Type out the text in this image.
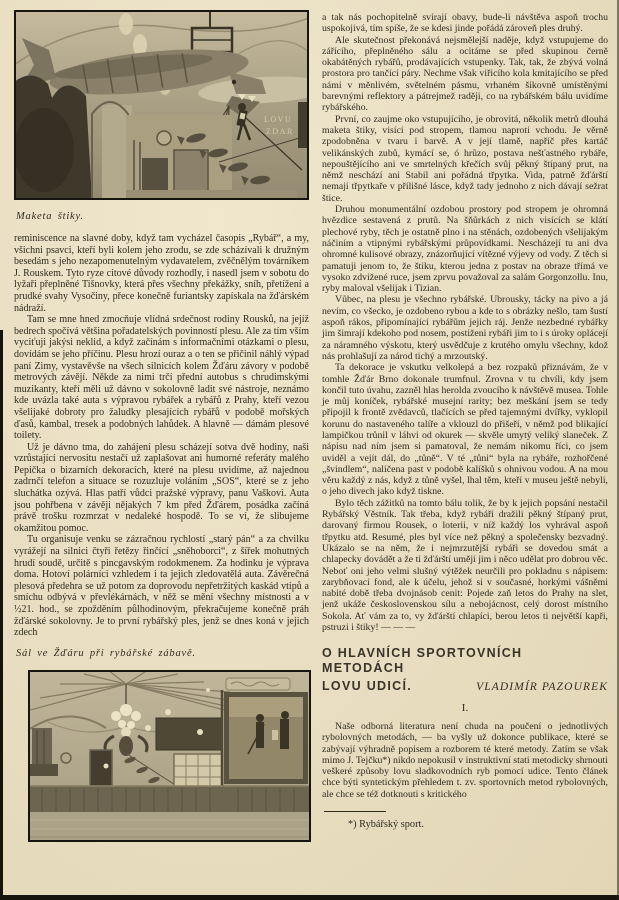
LOVU
ZDAR
Maketa štiky.

reminiscence na slavné doby, když tam vycházel časopis „Rybář“, a my, všichni psavci, kteří byli kolem jeho zrodu, se zde scházívali k družným besedám s jeho nezapomenutelným vydavatelem, zvěčnělým továrníkem J. Rouskem. Tyto ryze citové důvody rozhodly, i nasedl jsem v sobotu do lyžaři přeplněné Tišnovky, která přes všechny překážky, sníh, přetížení a prudké svahy Vysočiny, přece konečně furiantsky zapískala na žďárském nádraží.

Tam se mne hned zmocňuje vlídná srdečnost rodiny Rousků, na jejíž bedrech spočívá většina pořadatelských povinností plesu. Ale za tím vším vyciťuji jakýsi neklid, a když začínám s informačními otázkami o plesu, dovídám se jeho příčinu. Plesu hrozí ouraz a o ten se přičinil náhlý výpad paní Zimy, vystavěvše na všech silnicích kolem Žďáru závory v podobě metrových závějí. Někde za nimi trčí přední autobus s chrudimskými muzikanty, kteří měli už dávno v sokolovně ladit své nástroje, neznámo kde uvázla také auta s výpravou rybářek a rybářů z Prahy, kteří vezou všelijaké dobroty pro žaludky plesajících rybářů v podobě mořských ďasů, kambal, tresek a podobných lahůdek. A hlavně — dámám plesové toilety.

Už je dávno tma, do zahájení plesu scházejí sotva dvě hodiny, naši vzrůstající nervositu nestačí už zaplašovat ani humorné referáty malého Pepička o bizarních dekoracích, které na plesu uvidíme, až najednou zadrnčí telefon a situace se rozuzluje voláním „SOS“, které se z jeho sluchátka ozývá. Hlas patří vůdci pražské výpravy, panu Vaškovi. Auta jsou pohřbena v závěji nějakých 7 km před Žďárem, posádka začíná právě trošku rozmrzat v nedaleké hospodě. To se ví, že slibujeme okamžitou pomoc.

Tu organisuje venku se zázračnou rychlostí „starý pán“ a za chvilku vyrážejí na silnici čtyři řetězy řinčící „sněhoborci“, z šířek mohutných hrudí soudě, určitě s pincgavským rodokmenem. Za hodinku je výprava doma. Hotoví polárníci vzhledem i ta jejich zledovatělá auta. Závěrečná plesová předehra se už potom za doprovodu nepřetržitých kaskád vtipů a smíchu odbývá v převlékárnách, v něž se mění všechny místnosti a v ½21. hod., se zpožděním půlhodinovým, překračujeme konečně práh žďárské sokolovny. Je to první rybářský ples, jenž se dnes koná v jejich zdech

Sál ve Žďáru při rybářské zábavě.

a tak nás pochopitelně svírají obavy, bude-li návštěva aspoň trochu uspokojivá, tím spíše, že se kdesi jinde pořádá zároveň ples druhý.

Ale skutečnost překonává nejsmělejší naděje, když vstupujeme do zářícího, přeplněného sálu a ocitáme se před skupinou černě okabátěných rybářů, prodávajících vstupenky. Tak, tak, že zbývá volná prostora pro tančící páry. Nechme však viřicího kola kmitajícího se před námi v měnlivém, světelném pásmu, vrhaném šikovně umístěnými barevnými reflektory a pátrejmež raději, co na rybářském bálu uvidíme rybářského.

První, co zaujme oko vstupujícího, je obrovitá, několik metrů dlouhá maketa štiky, visící pod stropem, tlamou naproti vchodu. Je věrně zpodobněna v tvaru i barvě. A v její tlamě, napříč přes kartáč velikánských zubů, kymácí se, ó hrůzo, postava nešťastného rybáře, nepouštějícího ani ve smrtelných křečích svůj pěkný štípaný prut, na němž neschází ani Stabil ani pořádná třpytka. Vida, patrně žďárští nemají třpytkaře v přílišné lásce, když tady jednoho z nich dávají sežrat štice.

Druhou monumentální ozdobou prostory pod stropem je ohromná hvězdice sestavená z prutů. Na šňůrkách z nich visících se klátí plechové ryby, těch je ostatně plno i na stěnách, ozdobených všelijakým náčiním a vtipnými rybářskými průpovídkami. Nescházejí tu ani dva ohromné kulisové obrazy, znázorňující vítězné výjevy od vody. Z těch si pamatuji jenom to, že štiku, kterou jedna z postav na obraze třímá ve vysoko zdvižené ruce, jsem zprvu považoval za salám Gorgonzollu. Inu, ryby maloval všelijak i Tizian.

Vůbec, na plesu je všechno rybářské. Ubrousky, tácky na pivo a já nevím, co všecko, je ozdobeno rybou a kde to s obrázky nešlo, tam šustí aspoň rákos, připomínající rybářům jejich ráj. Jenže nezbedné rybářky jim šimrají kdekoho pod nosem, postiženi rybáři jim to i s úroky oplácejí za náramného výskotu, který usvědčuje z krutého omylu všechny, kdož nás prohlašují za národ tichý a mrzoutský.

Ta dekorace je vskutku velkolepá a bez rozpaků přiznávám, že v tomhle Žďár Brno dokonale trumfnul. Zrovna v tu chvíli, kdy jsem končil tuto úvahu, zazněl hlas herolda zvoucího k návštěvě musea. Tohle je můj koníček, rybářské musejní rarity; bez meškání jsem se tedy připojil k frontě zvědavců, tlačících se před tajemnými dvířky, vyklopil korunu do nastaveného talíře a vklouzl do přišeří, v němž pod blikající lampičkou trůnil v láhvi od okurek — skvěle umytý veliký slaneček. Z nápisu nad ním jsem si pamatoval, že nemám nikomu říci, co jsem uviděl a vejít dál, do „tůně“. V té „tůni“ byla na rybáře, rozhořčené „švindlem“, nalíčena past v podobě kalíšků s ohnivou vodou. A na mou věru každý z nás, když z tůně vyšel, lhal těm, kteří v museu ještě nebyli, o jeho divech jako když tiskne.

Bylo těch zážitků na tomto bálu tolik, že by k jejich popsání nestačil Rybářský Věstník. Tak třeba, když rybáři dražili pěkný štípaný prut, darovaný firmou Rousek, o loterii, v níž každý los vyhrával aspoň třpytku atd. Resumé, ples byl více než pěkný a společensky bezvadný. Ukázalo se na něm, že i nejmrzutější rybáři se dovedou smát a chlapecky dovádět a že ti žďárští umějí jim i něco udělat pro dobrou věc. Neboť oni jeho velmi slušný výtěžek neurčili pro pokladnu s nápisem: zarybňovací fond, ale k účelu, jehož si v současné, horkými vášněmi nabité době třeba dvojnásob cenit: Pojede zaň letos do Prahy na slet, jenž ukáže československou sílu a nebojácnost, celý dorost místního Sokola. Ať vám za to, vy žďárští chlapíci, berou letos ti největší kapři, pstruzi i štiky! — — —

O HLAVNÍCH SPORTOVNÍCH METODÁCH
LOVU UDICÍ.	VLADIMÍR PAZOUREK
I.

Naše odborná literatura není chuda na poučení o jednotlivých rybolovných metodách, — ba vyšly už dokonce publikace, které se zabývají výhradně popisem a rozborem té které metody. Zatím se však mimo J. Tejčku*) nikdo nepokusil v instruktivní stati metodicky shrnouti veškeré způsoby lovu sladkovodních ryb pomocí udice. Tento článek chce býti syntetickým přehledem t. zv. sportovních metod rybolovných, ale chce se též dotknouti s kritického

*) Rybářský sport.
